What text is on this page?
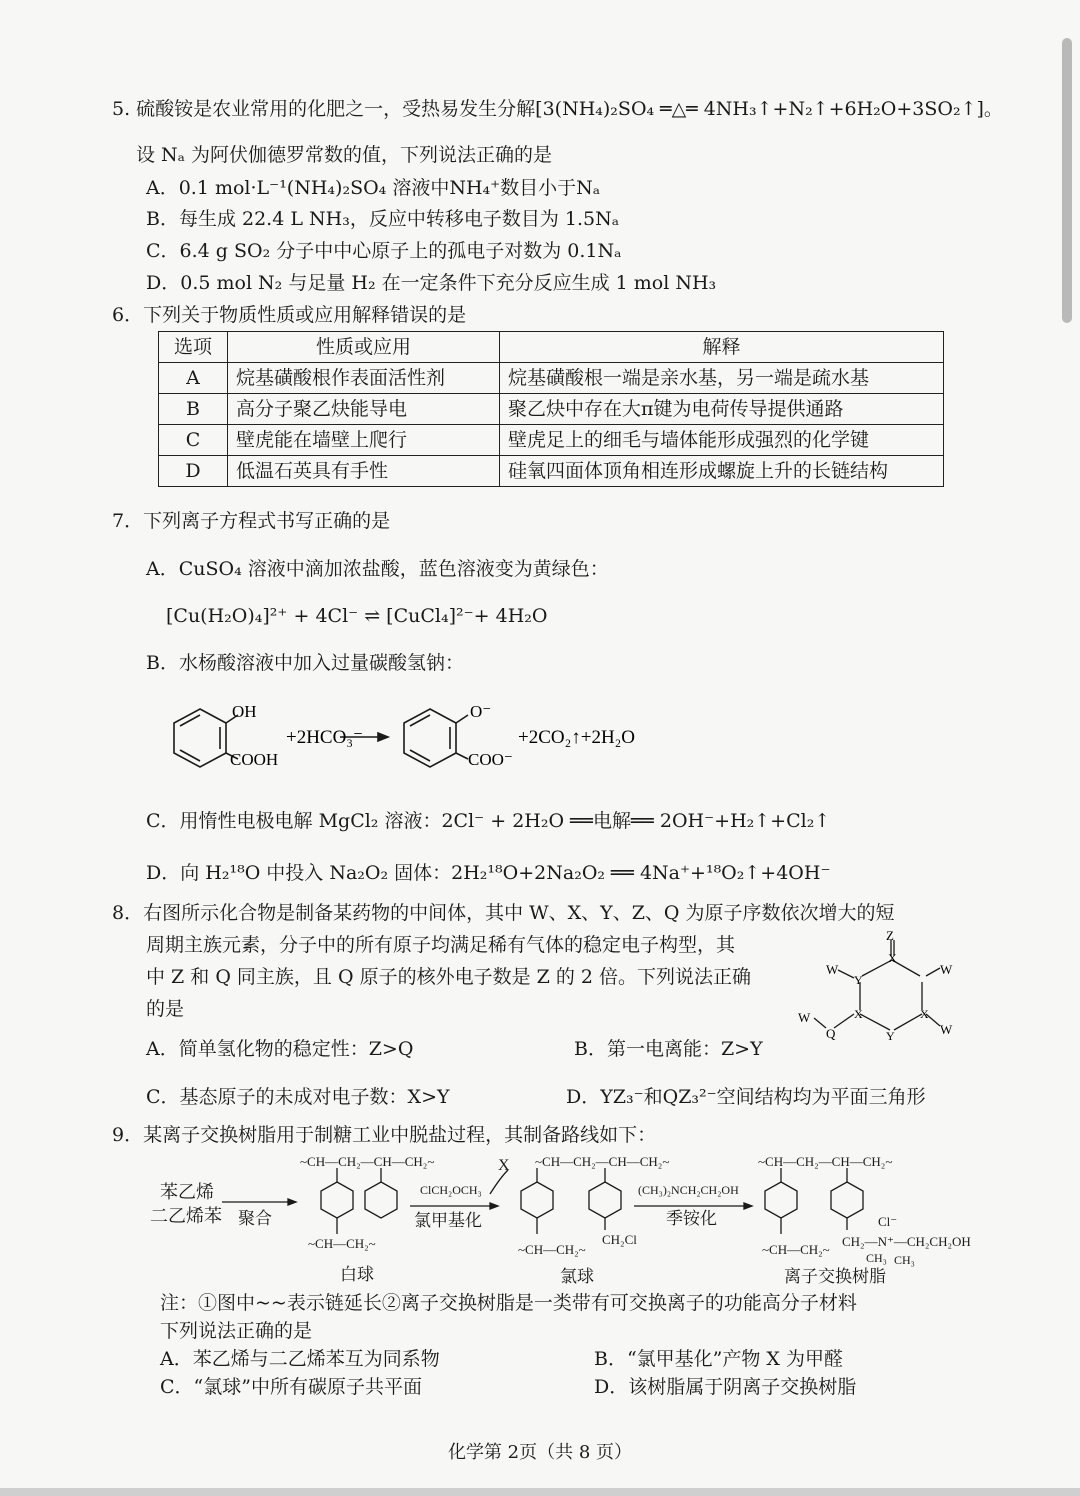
5. 硫酸铵是农业常用的化肥之一，受热易发生分解[3(NH₄)₂SO₄ ═△═ 4NH₃↑+N₂↑+6H₂O+3SO₂↑]。
设 Nₐ 为阿伏伽德罗常数的值，下列说法正确的是
A．0.1 mol·L⁻¹(NH₄)₂SO₄ 溶液中NH₄⁺数目小于Nₐ
B．每生成 22.4 L NH₃，反应中转移电子数目为 1.5Nₐ
C．6.4 g SO₂ 分子中中心原子上的孤电子对数为 0.1Nₐ
D．0.5 mol N₂ 与足量 H₂ 在一定条件下充分反应生成 1 mol NH₃
6．下列关于物质性质或应用解释错误的是
选项	性质或应用	解释
A	烷基磺酸根作表面活性剂	烷基磺酸根一端是亲水基，另一端是疏水基
B	高分子聚乙炔能导电	聚乙炔中存在大π键为电荷传导提供通路
C	壁虎能在墙壁上爬行	壁虎足上的细毛与墙体能形成强烈的化学键
D	低温石英具有手性	硅氧四面体顶角相连形成螺旋上升的长链结构
7．下列离子方程式书写正确的是
A．CuSO₄ 溶液中滴加浓盐酸，蓝色溶液变为黄绿色：
[Cu(H₂O)₄]²⁺ + 4Cl⁻ ⇌ [CuCl₄]²⁻+ 4H₂O
B．水杨酸溶液中加入过量碳酸氢钠：
OH
COOH
+2HCO₃⁻
O⁻
COO⁻
+2CO₂↑+2H₂O
C．用惰性电极电解 MgCl₂ 溶液：2Cl⁻ + 2H₂O ══电解══ 2OH⁻+H₂↑+Cl₂↑
D．向 H₂¹⁸O 中投入 Na₂O₂ 固体：2H₂¹⁸O+2Na₂O₂ ══ 4Na⁺+¹⁸O₂↑+4OH⁻
8．右图所示化合物是制备某药物的中间体，其中 W、X、Y、Z、Q 为原子序数依次增大的短
周期主族元素，分子中的所有原子均满足稀有气体的稳定电子构型，其
中 Z 和 Q 同主族，且 Q 原子的核外电子数是 Z 的 2 倍。下列说法正确
的是
Z
W
Y
X
W
W
Q
X
Y
X
W
A．简单氢化物的稳定性：Z>Q	B．第一电离能：Z>Y
C．基态原子的未成对电子数：X>Y	D．YZ₃⁻和QZ₃²⁻空间结构均为平面三角形
9．某离子交换树脂用于制糖工业中脱盐过程，其制备路线如下：
苯乙烯
二乙烯苯 聚合
~CH—CH₂—CH—CH₂~
~CH—CH₂~
ClCH₂OCH₃
氯甲基化
X ~CH—CH₂—CH—CH₂~
~CH—CH₂~
CH₂Cl
(CH₃)₂NCH₂CH₂OH
季铵化
~CH—CH₂—CH—CH₂~
~CH—CH₂~
Cl⁻
CH₂—N⁺—CH₂CH₂OH
CH₃ CH₃
白球	氯球	离子交换树脂
注：①图中~~表示链延长②离子交换树脂是一类带有可交换离子的功能高分子材料
下列说法正确的是
A．苯乙烯与二乙烯苯互为同系物	B．“氯甲基化”产物 X 为甲醛
C．“氯球”中所有碳原子共平面	D．该树脂属于阴离子交换树脂
化学第 2页（共 8 页）
